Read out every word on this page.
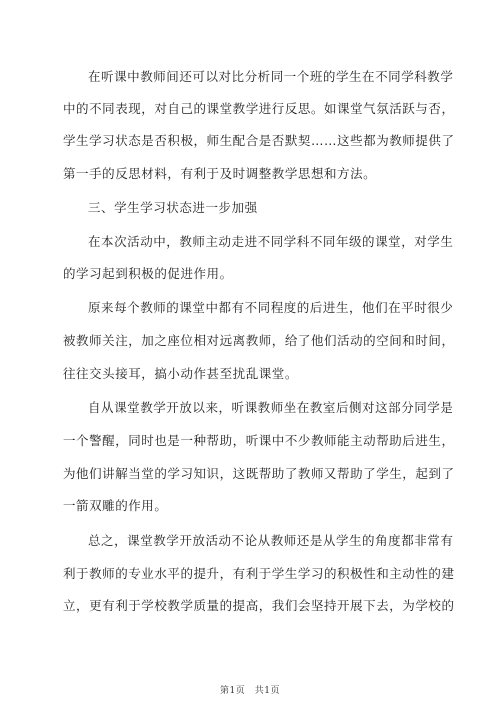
在听课中教师间还可以对比分析同一个班的学生在不同学科教学
中的不同表现，对自己的课堂教学进行反思。如课堂气氛活跃与否，
学生学习状态是否积极，师生配合是否默契……这些都为教师提供了
第一手的反思材料，有利于及时调整教学思想和方法。
三、学生学习状态进一步加强
在本次活动中，教师主动走进不同学科不同年级的课堂，对学生
的学习起到积极的促进作用。
原来每个教师的课堂中都有不同程度的后进生，他们在平时很少
被教师关注，加之座位相对远离教师，给了他们活动的空间和时间，
往往交头接耳，搞小动作甚至扰乱课堂。
自从课堂教学开放以来，听课教师坐在教室后侧对这部分同学是
一个警醒，同时也是一种帮助，听课中不少教师能主动帮助后进生，
为他们讲解当堂的学习知识，这既帮助了教师又帮助了学生，起到了
一箭双雕的作用。
总之，课堂教学开放活动不论从教师还是从学生的角度都非常有
利于教师的专业水平的提升，有利于学生学习的积极性和主动性的建
立，更有利于学校教学质量的提高，我们会坚持开展下去，为学校的
第1页　共1页
